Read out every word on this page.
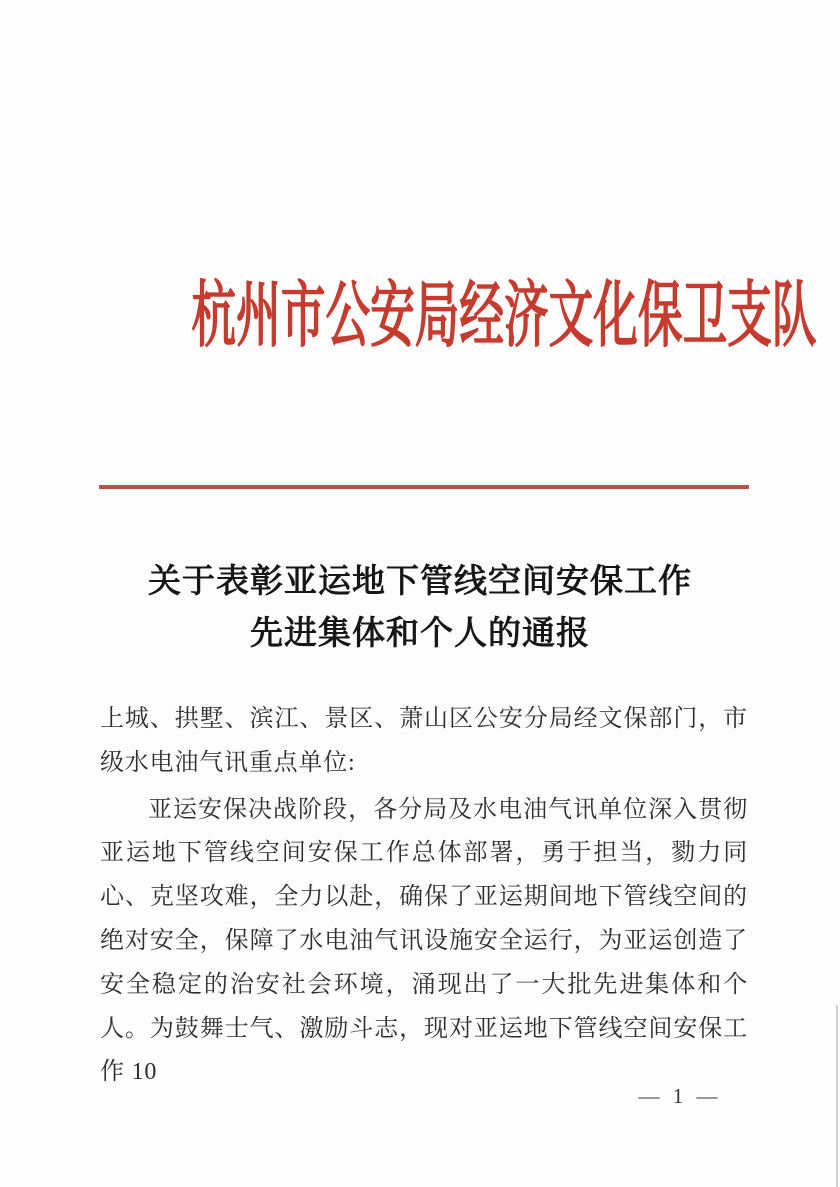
杭州市公安局经济文化保卫支队
关于表彰亚运地下管线空间安保工作
先进集体和个人的通报

上城、拱墅、滨江、景区、萧山区公安分局经文保部门，市级水电油气讯重点单位:

亚运安保决战阶段，各分局及水电油气讯单位深入贯彻亚运地下管线空间安保工作总体部署，勇于担当，勠力同心、克坚攻难，全力以赴，确保了亚运期间地下管线空间的绝对安全，保障了水电油气讯设施安全运行，为亚运创造了安全稳定的治安社会环境，涌现出了一大批先进集体和个人。为鼓舞士气、激励斗志，现对亚运地下管线空间安保工作 10

— 1 —
